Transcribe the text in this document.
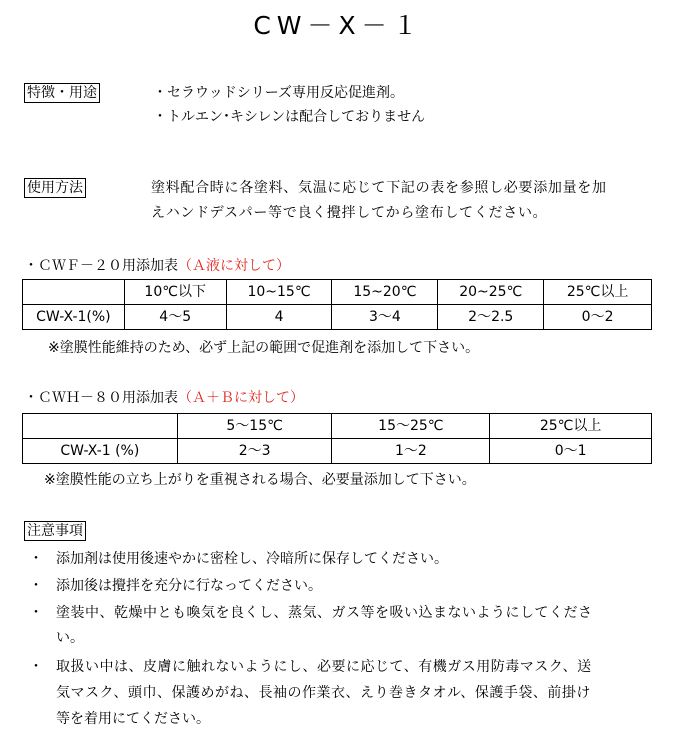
CW－X－１
特徴・用途	・セラウッドシリーズ専用反応促進剤。
・トルエン･キシレンは配合しておりません
使用方法	塗料配合時に各塗料、気温に応じて下記の表を参照し必要添加量を加
えハンドデスパー等で良く攪拌してから塗布してください。
・ＣＷＦ－２０用添加表（Ａ液に対して）
	10℃以下	10~15℃	15~20℃	20~25℃	25℃以上
CW-X-1(%)	4～5	4	3～4	2～2.5	0～2
※塗膜性能維持のため、必ず上記の範囲で促進剤を添加して下さい。
・ＣＷＨ－８０用添加表（Ａ＋Ｂに対して）
	5～15℃	15～25℃	25℃以上
CW-X-1 (%)	2～3	1～2	0～1
※塗膜性能の立ち上がりを重視される場合、必要量添加して下さい。
注意事項
・ 添加剤は使用後速やかに密栓し、冷暗所に保存してください。
・ 添加後は攪拌を充分に行なってください。
・ 塗装中、乾燥中とも喚気を良くし、蒸気、ガス等を吸い込まないようにしてくださ
い。
・ 取扱い中は、皮膚に触れないようにし、必要に応じて、有機ガス用防毒マスク、送
気マスク、頭巾、保護めがね、長袖の作業衣、えり巻きタオル、保護手袋、前掛け
等を着用にてください。
